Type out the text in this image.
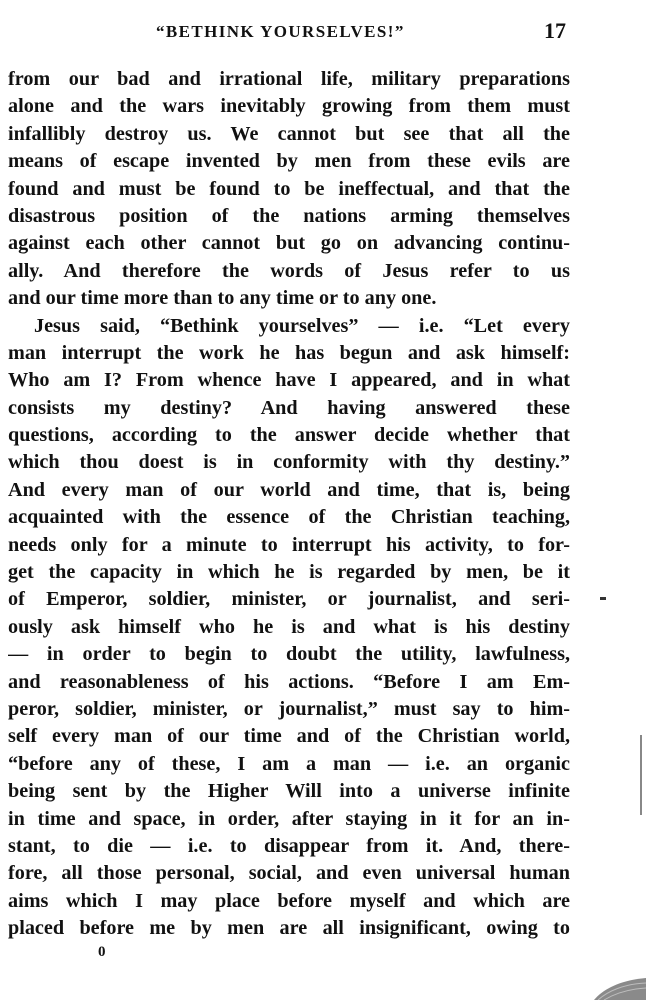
“BETHINK YOURSELVES!”	17
from our bad and irrational life, military preparations
alone and the wars inevitably growing from them must
infallibly destroy us. We cannot but see that all the
means of escape invented by men from these evils are
found and must be found to be ineffectual, and that the
disastrous position of the nations arming themselves
against each other cannot but go on advancing continu-
ally. And therefore the words of Jesus refer to us
and our time more than to any time or to any one.
Jesus said, “Bethink yourselves” — i.e. “Let every
man interrupt the work he has begun and ask himself:
Who am I? From whence have I appeared, and in what
consists my destiny? And having answered these
questions, according to the answer decide whether that
which thou doest is in conformity with thy destiny.”
And every man of our world and time, that is, being
acquainted with the essence of the Christian teaching,
needs only for a minute to interrupt his activity, to for-
get the capacity in which he is regarded by men, be it
of Emperor, soldier, minister, or journalist, and seri-
ously ask himself who he is and what is his destiny
— in order to begin to doubt the utility, lawfulness,
and reasonableness of his actions. “Before I am Em-
peror, soldier, minister, or journalist,” must say to him-
self every man of our time and of the Christian world,
“before any of these, I am a man — i.e. an organic
being sent by the Higher Will into a universe infinite
in time and space, in order, after staying in it for an in-
stant, to die — i.e. to disappear from it. And, there-
fore, all those personal, social, and even universal human
aims which I may place before myself and which are
placed before me by men are all insignificant, owing to
0
